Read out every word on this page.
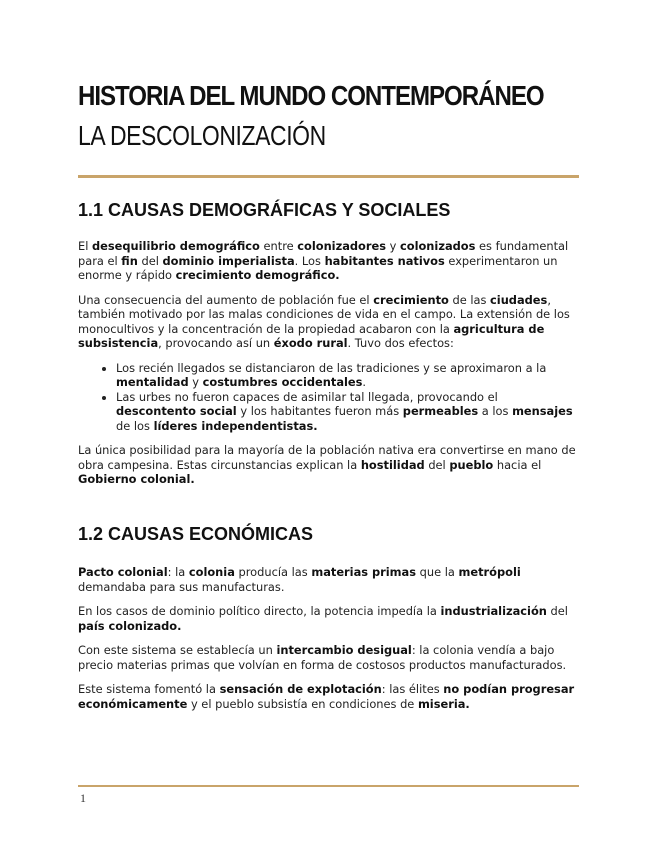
HISTORIA DEL MUNDO CONTEMPORÁNEO
LA DESCOLONIZACIÓN
1.1 CAUSAS DEMOGRÁFICAS Y SOCIALES

El desequilibrio demográfico entre colonizadores y colonizados es fundamental para el fin del dominio imperialista. Los habitantes nativos experimentaron un enorme y rápido crecimiento demográfico.

Una consecuencia del aumento de población fue el crecimiento de las ciudades, también motivado por las malas condiciones de vida en el campo. La extensión de los monocultivos y la concentración de la propiedad acabaron con la agricultura de subsistencia, provocando así un éxodo rural. Tuvo dos efectos:

• Los recién llegados se distanciaron de las tradiciones y se aproximaron a la mentalidad y costumbres occidentales.
• Las urbes no fueron capaces de asimilar tal llegada, provocando el descontento social y los habitantes fueron más permeables a los mensajes de los líderes independentistas.

La única posibilidad para la mayoría de la población nativa era convertirse en mano de obra campesina. Estas circunstancias explican la hostilidad del pueblo hacia el Gobierno colonial.

1.2 CAUSAS ECONÓMICAS

Pacto colonial: la colonia producía las materias primas que la metrópoli demandaba para sus manufacturas.

En los casos de dominio político directo, la potencia impedía la industrialización del país colonizado.

Con este sistema se establecía un intercambio desigual: la colonia vendía a bajo precio materias primas que volvían en forma de costosos productos manufacturados.

Este sistema fomentó la sensación de explotación: las élites no podían progresar económicamente y el pueblo subsistía en condiciones de miseria.

1
